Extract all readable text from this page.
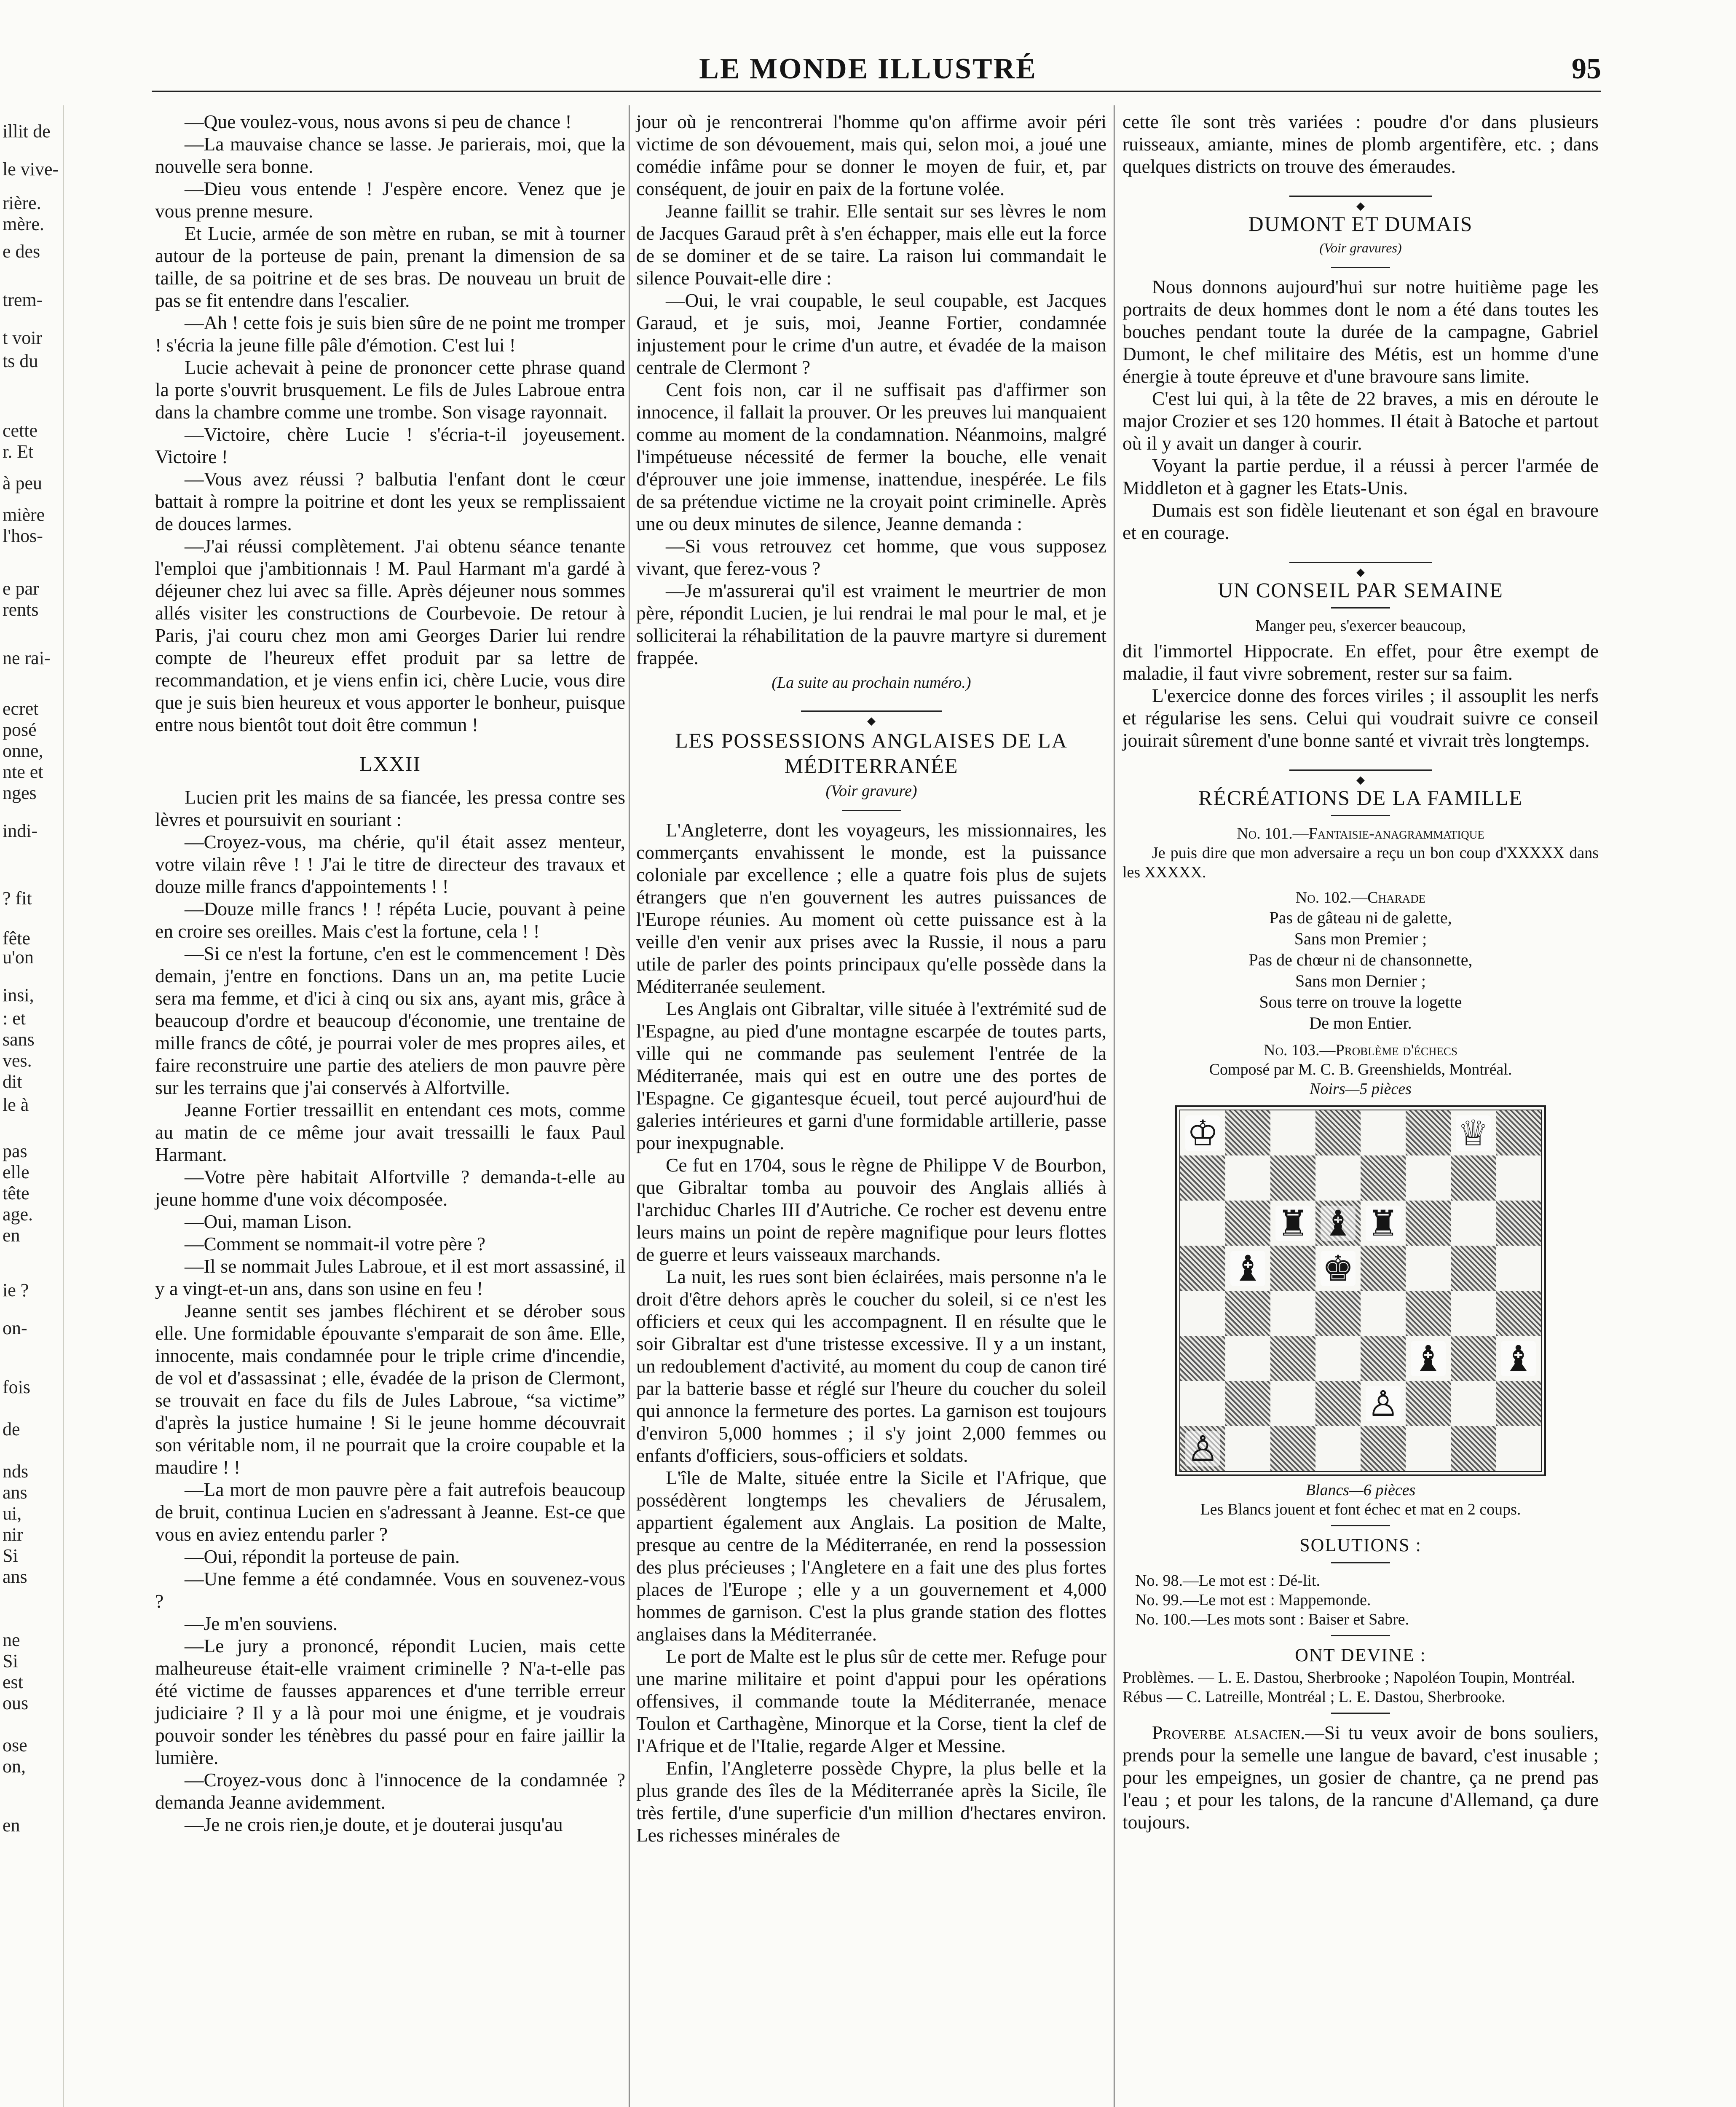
illit de
le vive-
rière.
mère.
e des
trem-
t voir
ts du
cette
r. Et
à peu
mière
l'hos-
e par
rents
ne rai-
ecret
posé
onne,
nte et
nges
indi-
? fit
fête
u'on
insi,
: et
sans
ves.
dit
le à
pas
elle
tête
age.
en
ie ?
on-
fois
de
nds
ans
ui,
nir
Si
ans
ne
Si
est
ous
ose
on,
en
LE MONDE ILLUSTRÉ	95

—Que voulez-vous, nous avons si peu de chance !

—La mauvaise chance se lasse. Je parierais, moi, que la nouvelle sera bonne.

—Dieu vous entende ! J'espère encore. Venez que je vous prenne mesure.

Et Lucie, armée de son mètre en ruban, se mit à tourner autour de la porteuse de pain, prenant la dimension de sa taille, de sa poitrine et de ses bras. De nouveau un bruit de pas se fit entendre dans l'escalier.

—Ah ! cette fois je suis bien sûre de ne point me tromper ! s'écria la jeune fille pâle d'émotion. C'est lui !

Lucie achevait à peine de prononcer cette phrase quand la porte s'ouvrit brusquement. Le fils de Jules Labroue entra dans la chambre comme une trombe. Son visage rayonnait.

—Victoire, chère Lucie ! s'écria-t-il joyeusement. Victoire !

—Vous avez réussi ? balbutia l'enfant dont le cœur battait à rompre la poitrine et dont les yeux se remplissaient de douces larmes.

—J'ai réussi complètement. J'ai obtenu séance tenante l'emploi que j'ambitionnais ! M. Paul Harmant m'a gardé à déjeuner chez lui avec sa fille. Après déjeuner nous sommes allés visiter les constructions de Courbevoie. De retour à Paris, j'ai couru chez mon ami Georges Darier lui rendre compte de l'heureux effet produit par sa lettre de recommandation, et je viens enfin ici, chère Lucie, vous dire que je suis bien heureux et vous apporter le bonheur, puisque entre nous bientôt tout doit être commun !

LXXII

Lucien prit les mains de sa fiancée, les pressa contre ses lèvres et poursuivit en souriant :

—Croyez-vous, ma chérie, qu'il était assez menteur, votre vilain rêve ! ! J'ai le titre de directeur des travaux et douze mille francs d'appointements ! !

—Douze mille francs ! ! répéta Lucie, pouvant à peine en croire ses oreilles. Mais c'est la fortune, cela ! !

—Si ce n'est la fortune, c'en est le commencement ! Dès demain, j'entre en fonctions. Dans un an, ma petite Lucie sera ma femme, et d'ici à cinq ou six ans, ayant mis, grâce à beaucoup d'ordre et beaucoup d'économie, une trentaine de mille francs de côté, je pourrai voler de mes propres ailes, et faire reconstruire une partie des ateliers de mon pauvre père sur les terrains que j'ai conservés à Alfortville.

Jeanne Fortier tressaillit en entendant ces mots, comme au matin de ce même jour avait tressailli le faux Paul Harmant.

—Votre père habitait Alfortville ? demanda-t-elle au jeune homme d'une voix décomposée.

—Oui, maman Lison.

—Comment se nommait-il votre père ?

—Il se nommait Jules Labroue, et il est mort assassiné, il y a vingt-et-un ans, dans son usine en feu !

Jeanne sentit ses jambes fléchirent et se dérober sous elle. Une formidable épouvante s'emparait de son âme. Elle, innocente, mais condamnée pour le triple crime d'incendie, de vol et d'assassinat ; elle, évadée de la prison de Clermont, se trouvait en face du fils de Jules Labroue, “sa victime” d'après la justice humaine ! Si le jeune homme découvrait son véritable nom, il ne pourrait que la croire coupable et la maudire ! !

—La mort de mon pauvre père a fait autrefois beaucoup de bruit, continua Lucien en s'adressant à Jeanne. Est-ce que vous en aviez entendu parler ?

—Oui, répondit la porteuse de pain.

—Une femme a été condamnée. Vous en souvenez-vous ?

—Je m'en souviens.

—Le jury a prononcé, répondit Lucien, mais cette malheureuse était-elle vraiment criminelle ? N'a-t-elle pas été victime de fausses apparences et d'une terrible erreur judiciaire ? Il y a là pour moi une énigme, et je voudrais pouvoir sonder les ténèbres du passé pour en faire jaillir la lumière.

—Croyez-vous donc à l'innocence de la condamnée ? demanda Jeanne avidemment.

—Je ne crois rien,je doute, et je douterai jusqu'au

jour où je rencontrerai l'homme qu'on affirme avoir péri victime de son dévouement, mais qui, selon moi, a joué une comédie infâme pour se donner le moyen de fuir, et, par conséquent, de jouir en paix de la fortune volée.

Jeanne faillit se trahir. Elle sentait sur ses lèvres le nom de Jacques Garaud prêt à s'en échapper, mais elle eut la force de se dominer et de se taire. La raison lui commandait le silence Pouvait-elle dire :

—Oui, le vrai coupable, le seul coupable, est Jacques Garaud, et je suis, moi, Jeanne Fortier, condamnée injustement pour le crime d'un autre, et évadée de la maison centrale de Clermont ?

Cent fois non, car il ne suffisait pas d'affirmer son innocence, il fallait la prouver. Or les preuves lui manquaient comme au moment de la condamnation. Néanmoins, malgré l'impétueuse nécessité de fermer la bouche, elle venait d'éprouver une joie immense, inattendue, inespérée. Le fils de sa prétendue victime ne la croyait point criminelle. Après une ou deux minutes de silence, Jeanne demanda :

—Si vous retrouvez cet homme, que vous supposez vivant, que ferez-vous ?

—Je m'assurerai qu'il est vraiment le meurtrier de mon père, répondit Lucien, je lui rendrai le mal pour le mal, et je solliciterai la réhabilitation de la pauvre martyre si durement frappée.

(La suite au prochain numéro.)

◆
LES POSSESSIONS ANGLAISES DE LA MÉDITERRANÉE
(Voir gravure)

L'Angleterre, dont les voyageurs, les missionnaires, les commerçants envahissent le monde, est la puissance coloniale par excellence ; elle a quatre fois plus de sujets étrangers que n'en gouvernent les autres puissances de l'Europe réunies. Au moment où cette puissance est à la veille d'en venir aux prises avec la Russie, il nous a paru utile de parler des points principaux qu'elle possède dans la Méditerranée seulement.

Les Anglais ont Gibraltar, ville située à l'extrémité sud de l'Espagne, au pied d'une montagne escarpée de toutes parts, ville qui ne commande pas seulement l'entrée de la Méditerranée, mais qui est en outre une des portes de l'Espagne. Ce gigantesque écueil, tout percé aujourd'hui de galeries intérieures et garni d'une formidable artillerie, passe pour inexpugnable.

Ce fut en 1704, sous le règne de Philippe V de Bourbon, que Gibraltar tomba au pouvoir des Anglais alliés à l'archiduc Charles III d'Autriche. Ce rocher est devenu entre leurs mains un point de repère magnifique pour leurs flottes de guerre et leurs vaisseaux marchands.

La nuit, les rues sont bien éclairées, mais personne n'a le droit d'être dehors après le coucher du soleil, si ce n'est les officiers et ceux qui les accompagnent. Il en résulte que le soir Gibraltar est d'une tristesse excessive. Il y a un instant, un redoublement d'activité, au moment du coup de canon tiré par la batterie basse et réglé sur l'heure du coucher du soleil qui annonce la fermeture des portes. La garnison est toujours d'environ 5,000 hommes ; il s'y joint 2,000 femmes ou enfants d'officiers, sous-officiers et soldats.

L'île de Malte, située entre la Sicile et l'Afrique, que possédèrent longtemps les chevaliers de Jérusalem, appartient également aux Anglais. La position de Malte, presque au centre de la Méditerranée, en rend la possession des plus précieuses ; l'Angletere en a fait une des plus fortes places de l'Europe ; elle y a un gouvernement et 4,000 hommes de garnison. C'est la plus grande station des flottes anglaises dans la Méditerranée.

Le port de Malte est le plus sûr de cette mer. Refuge pour une marine militaire et point d'appui pour les opérations offensives, il commande toute la Méditerranée, menace Toulon et Carthagène, Minorque et la Corse, tient la clef de l'Afrique et de l'Italie, regarde Alger et Messine.

Enfin, l'Angleterre possède Chypre, la plus belle et la plus grande des îles de la Méditerranée après la Sicile, île très fertile, d'une superficie d'un million d'hectares environ. Les richesses minérales de

cette île sont très variées : poudre d'or dans plusieurs ruisseaux, amiante, mines de plomb argentifère, etc. ; dans quelques districts on trouve des émeraudes.

◆
DUMONT ET DUMAIS
(Voir gravures)

Nous donnons aujourd'hui sur notre huitième page les portraits de deux hommes dont le nom a été dans toutes les bouches pendant toute la durée de la campagne, Gabriel Dumont, le chef militaire des Métis, est un homme d'une énergie à toute épreuve et d'une bravoure sans limite.

C'est lui qui, à la tête de 22 braves, a mis en déroute le major Crozier et ses 120 hommes. Il était à Batoche et partout où il y avait un danger à courir.

Voyant la partie perdue, il a réussi à percer l'armée de Middleton et à gagner les Etats-Unis.

Dumais est son fidèle lieutenant et son égal en bravoure et en courage.

◆
UN CONSEIL PAR SEMAINE

Manger peu, s'exercer beaucoup,

dit l'immortel Hippocrate. En effet, pour être exempt de maladie, il faut vivre sobrement, rester sur sa faim.

L'exercice donne des forces viriles ; il assouplit les nerfs et régularise les sens. Celui qui voudrait suivre ce conseil jouirait sûrement d'une bonne santé et vivrait très longtemps.

◆
RÉCRÉATIONS DE LA FAMILLE

No. 101.—Fantaisie-anagrammatique

Je puis dire que mon adversaire a reçu un bon coup d'XXXXX dans les XXXXX.

No. 102.—Charade

Pas de gâteau ni de galette,
Sans mon Premier ;
Pas de chœur ni de chansonnette,
Sans mon Dernier ;
Sous terre on trouve la logette
De mon Entier.

No. 103.—Problème d'échecs

Composé par M. C. B. Greenshields, Montréal.

Noirs—5 pièces

♔	♕
♜ ♝ ♜
♝ ♚
♝ ♝
♙
♙

Blancs—6 pièces

Les Blancs jouent et font échec et mat en 2 coups.

SOLUTIONS :
No. 98.—Le mot est : Dé-lit.
No. 99.—Le mot est : Mappemonde.
No. 100.—Les mots sont : Baiser et Sabre.
ONT DEVINE :
Problèmes. — L. E. Dastou, Sherbrooke ; Napoléon Toupin, Montréal.
Rébus — C. Latreille, Montréal ; L. E. Dastou, Sherbrooke.

Proverbe alsacien.—Si tu veux avoir de bons souliers, prends pour la semelle une langue de bavard, c'est inusable ; pour les empeignes, un gosier de chantre, ça ne prend pas l'eau ; et pour les talons, de la rancune d'Allemand, ça dure toujours.
